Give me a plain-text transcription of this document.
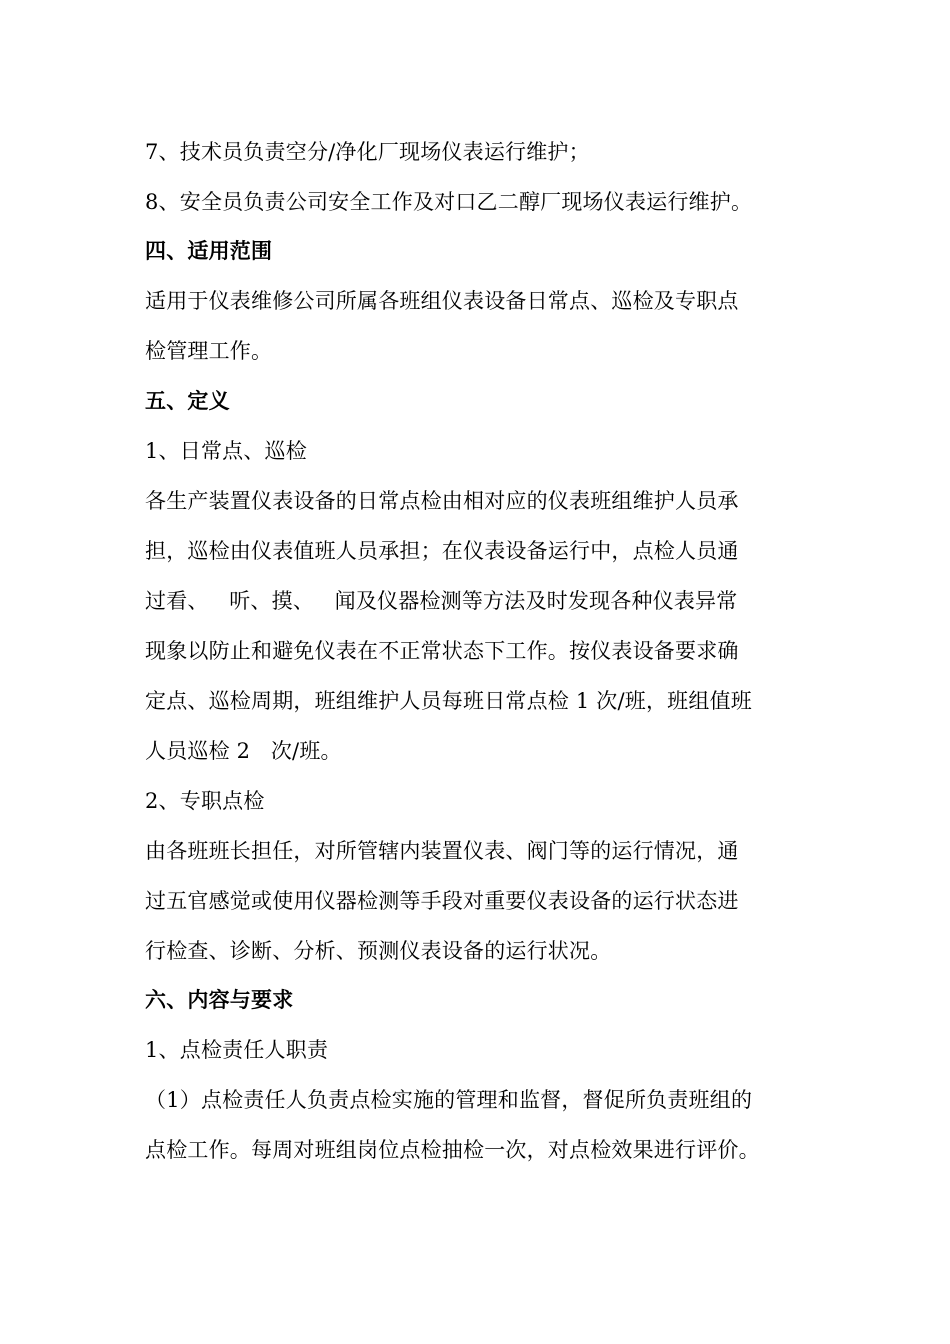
7、技术员负责空分/净化厂现场仪表运行维护；
8、安全员负责公司安全工作及对口乙二醇厂现场仪表运行维护。
四、适用范围
适用于仪表维修公司所属各班组仪表设备日常点、巡检及专职点
检管理工作。
五、定义
1、日常点、巡检
各生产装置仪表设备的日常点检由相对应的仪表班组维护人员承
担，巡检由仪表值班人员承担；在仪表设备运行中，点检人员通
过看、   听、摸、   闻及仪器检测等方法及时发现各种仪表异常
现象以防止和避免仪表在不正常状态下工作。按仪表设备要求确
定点、巡检周期，班组维护人员每班日常点检 1 次/班，班组值班
人员巡检 2   次/班。
2、专职点检
由各班班长担任，对所管辖内装置仪表、阀门等的运行情况，通
过五官感觉或使用仪器检测等手段对重要仪表设备的运行状态进
行检查、诊断、分析、预测仪表设备的运行状况。
六、内容与要求
1、点检责任人职责
（1）点检责任人负责点检实施的管理和监督，督促所负责班组的
点检工作。每周对班组岗位点检抽检一次，对点检效果进行评价。
